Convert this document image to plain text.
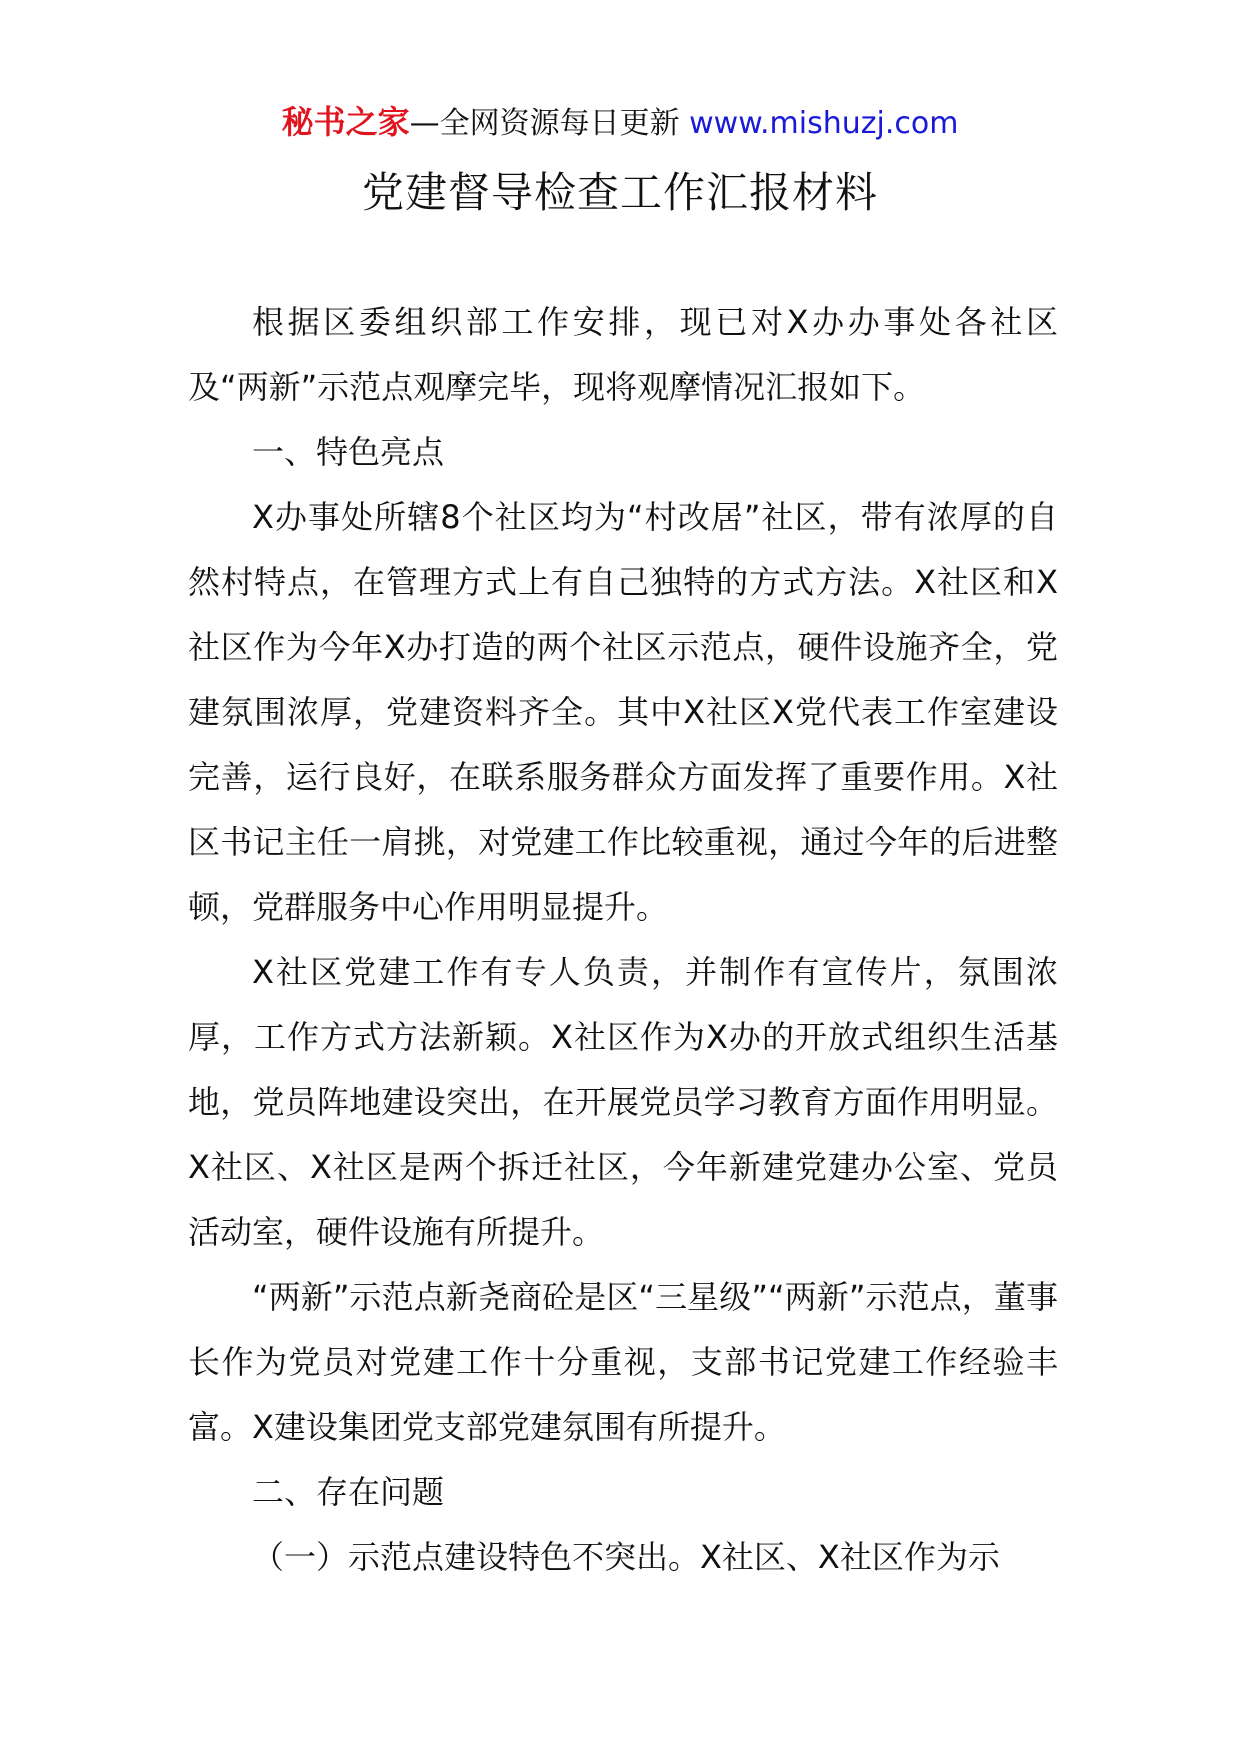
秘书之家—全网资源每日更新 www.mishuzj.com
党建督导检查工作汇报材料

根据区委组织部工作安排，现已对X办办事处各社区及“两新”示范点观摩完毕，现将观摩情况汇报如下。

一、特色亮点

X办事处所辖8个社区均为“村改居”社区，带有浓厚的自然村特点，在管理方式上有自己独特的方式方法。X社区和X社区作为今年X办打造的两个社区示范点，硬件设施齐全，党建氛围浓厚，党建资料齐全。其中X社区X党代表工作室建设完善，运行良好，在联系服务群众方面发挥了重要作用。X社区书记主任一肩挑，对党建工作比较重视，通过今年的后进整顿，党群服务中心作用明显提升。

X社区党建工作有专人负责，并制作有宣传片，氛围浓厚，工作方式方法新颖。X社区作为X办的开放式组织生活基地，党员阵地建设突出，在开展党员学习教育方面作用明显。X社区、X社区是两个拆迁社区，今年新建党建办公室、党员活动室，硬件设施有所提升。

“两新”示范点新尧商砼是区“三星级”“两新”示范点，董事长作为党员对党建工作十分重视，支部书记党建工作经验丰富。X建设集团党支部党建氛围有所提升。

二、存在问题

（一）示范点建设特色不突出。X社区、X社区作为示
